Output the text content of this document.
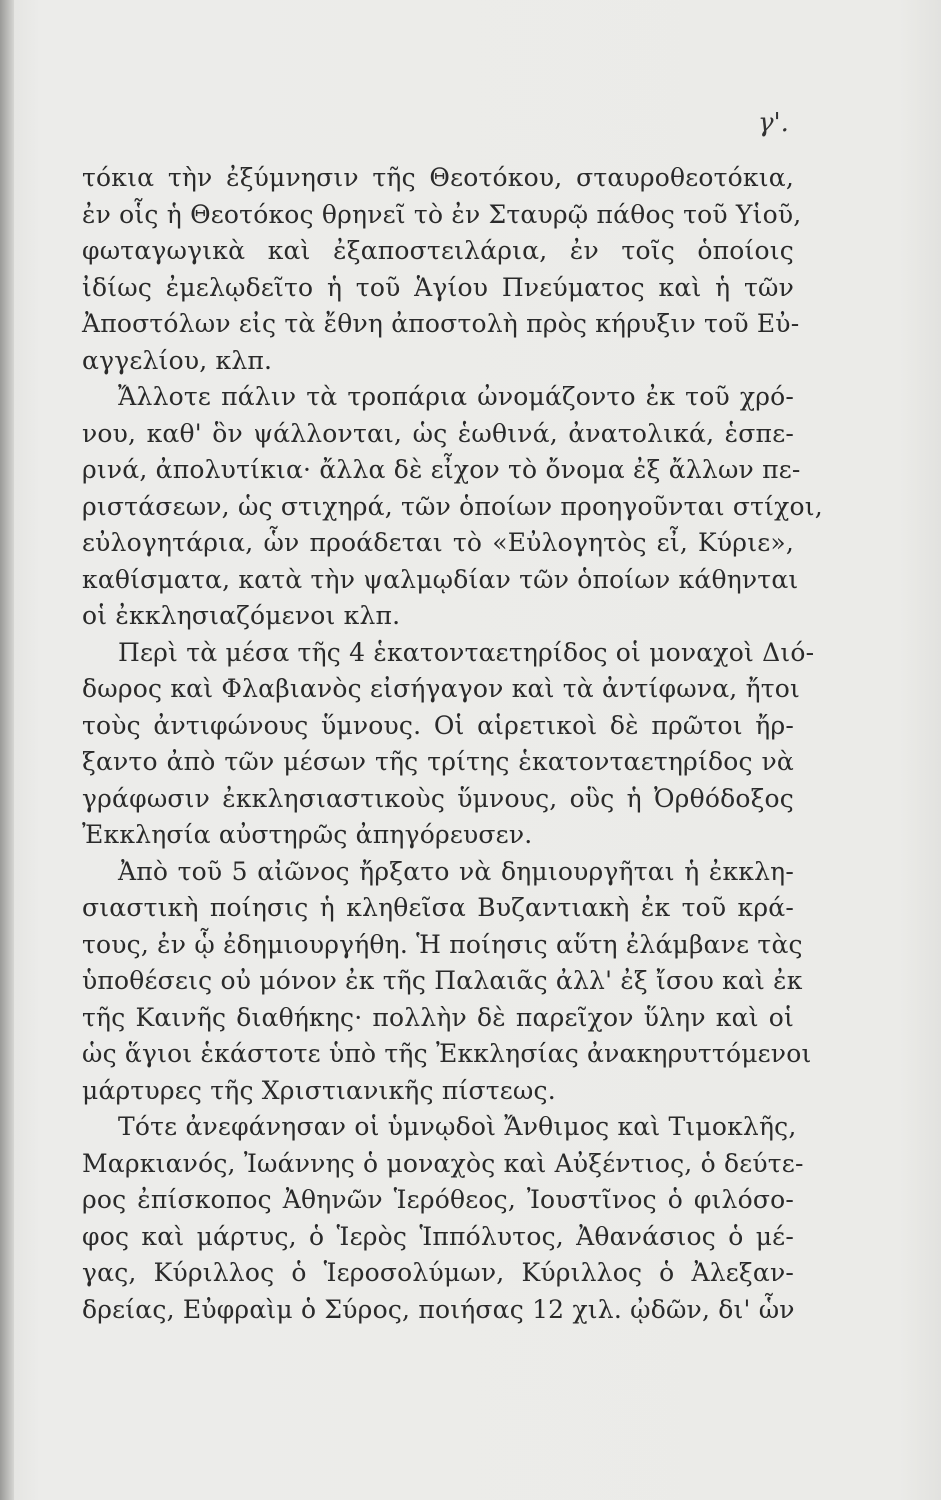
γ'.
τόκια τὴν ἐξύμνησιν τῆς Θεοτόκου, σταυροθεοτόκια,
ἐν οἷς ἡ Θεοτόκος θρηνεῖ τὸ ἐν Σταυρῷ πάθος τοῦ Υἱοῦ,
φωταγωγικὰ καὶ ἐξαποστειλάρια, ἐν τοῖς ὁποίοις
ἰδίως ἐμελῳδεῖτο ἡ τοῦ Ἁγίου Πνεύματος καὶ ἡ τῶν
Ἀποστόλων εἰς τὰ ἔθνη ἀποστολὴ πρὸς κήρυξιν τοῦ Εὐ-
αγγελίου, κλπ.
Ἄλλοτε πάλιν τὰ τροπάρια ὠνομάζοντο ἐκ τοῦ χρό-
νου, καθ' ὃν ψάλλονται, ὡς ἑωθινά, ἀνατολικά, ἑσπε-
ρινά, ἀπολυτίκια· ἄλλα δὲ εἶχον τὸ ὄνομα ἐξ ἄλλων πε-
ριστάσεων, ὡς στιχηρά, τῶν ὁποίων προηγοῦνται στίχοι,
εὐλογητάρια, ὧν προάδεται τὸ «Εὐλογητὸς εἶ, Κύριε»,
καθίσματα, κατὰ τὴν ψαλμῳδίαν τῶν ὁποίων κάθηνται
οἱ ἐκκλησιαζόμενοι κλπ.
Περὶ τὰ μέσα τῆς 4 ἑκατονταετηρίδος οἱ μοναχοὶ Διό-
δωρος καὶ Φλαβιανὸς εἰσήγαγον καὶ τὰ ἀντίφωνα, ἤτοι
τοὺς ἀντιφώνους ὕμνους. Οἱ αἱρετικοὶ δὲ πρῶτοι ἤρ-
ξαντο ἀπὸ τῶν μέσων τῆς τρίτης ἑκατονταετηρίδος νὰ
γράφωσιν ἐκκλησιαστικοὺς ὕμνους, οὓς ἡ Ὀρθόδοξος
Ἐκκλησία αὐστηρῶς ἀπηγόρευσεν.
Ἀπὸ τοῦ 5 αἰῶνος ἤρξατο νὰ δημιουργῆται ἡ ἐκκλη-
σιαστικὴ ποίησις ἡ κληθεῖσα Βυζαντιακὴ ἐκ τοῦ κρά-
τους, ἐν ᾧ ἐδημιουργήθη. Ἡ ποίησις αὕτη ἐλάμβανε τὰς
ὑποθέσεις οὐ μόνον ἐκ τῆς Παλαιᾶς ἀλλ' ἐξ ἴσου καὶ ἐκ
τῆς Καινῆς διαθήκης· πολλὴν δὲ παρεῖχον ὕλην καὶ οἱ
ὡς ἅγιοι ἑκάστοτε ὑπὸ τῆς Ἐκκλησίας ἀνακηρυττόμενοι
μάρτυρες τῆς Χριστιανικῆς πίστεως.
Τότε ἀνεφάνησαν οἱ ὑμνῳδοὶ Ἄνθιμος καὶ Τιμοκλῆς,
Μαρκιανός, Ἰωάννης ὁ μοναχὸς καὶ Αὐξέντιος, ὁ δεύτε-
ρος ἐπίσκοπος Ἀθηνῶν Ἱερόθεος, Ἰουστῖνος ὁ φιλόσο-
φος καὶ μάρτυς, ὁ Ἱερὸς Ἱππόλυτος, Ἀθανάσιος ὁ μέ-
γας, Κύριλλος ὁ Ἱεροσολύμων, Κύριλλος ὁ Ἀλεξαν-
δρείας, Εὐφραὶμ ὁ Σύρος, ποιήσας 12 χιλ. ᾠδῶν, δι' ὧν
